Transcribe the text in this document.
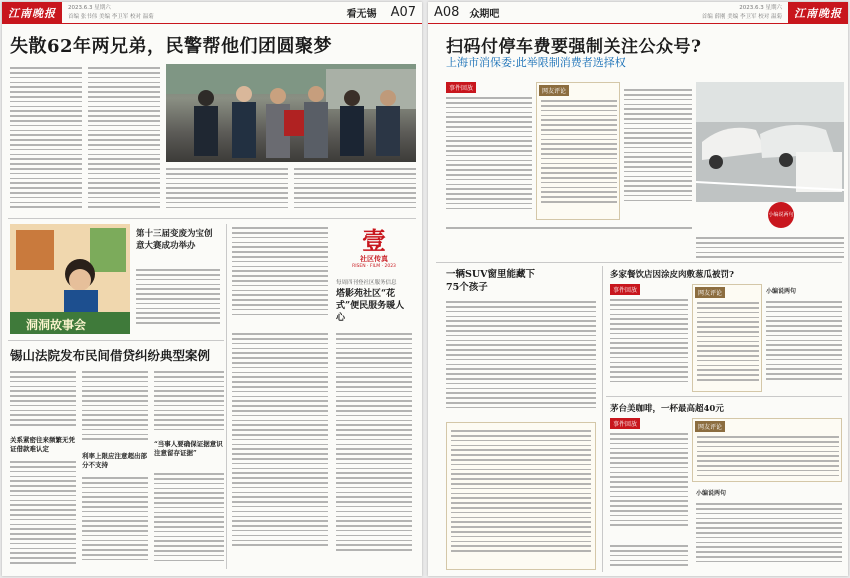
江南晚报	2023.6.3 星期六
首编 张书伟 美编 李卫军 校对 温菊	看无锡	A07
失散62年两兄弟，民警帮他们团圆聚梦
洞洞故事会
第十三届变废为宝创意大赛成功举办	壹
社区传真
RISEN · FILM · 2023
每周四刊登社区服务信息
塔影苑社区“花式”便民服务暖人心
锡山法院发布民间借贷纠纷典型案例
关系紧密往来频繁无凭证借款难认定
利率上限应注意超出部分不支持
“当事人要确保证据意识注意留存证据”
A08	众期吧
2023.6.3 星期六
首编 薛刚 美编 李卫军 校对 温菊	江南晚报
扫码付停车费要强制关注公众号?
上海市消保委:此举限制消费者选择权
事件回放	网友评论
小编说两句
一辆SUV窗里能藏下75个孩子
多家餐饮店因涂皮肉敷葱瓜被罚?
事件回放	网友评论	小编说两句
茅台美咖啡，一杯最高超40元
事件回放	网友评论
小编说两句
